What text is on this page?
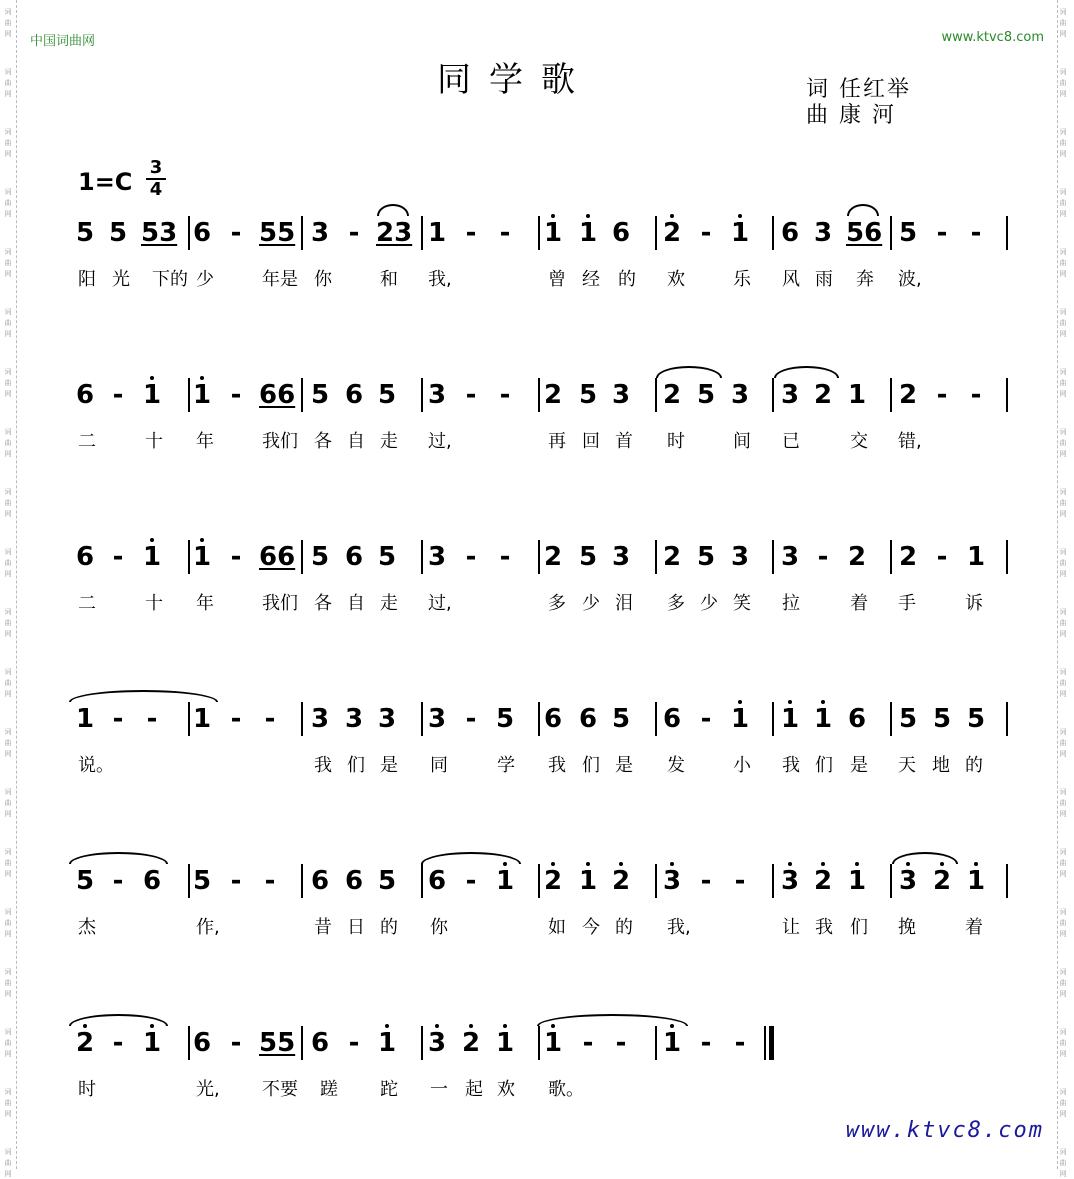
词
曲
网
词
曲
网
词
曲
网
词
曲
网
词
曲
网
词
曲
网
词
曲
网
词
曲
网
词
曲
网
词
曲
网
词
曲
网
词
曲
网
词
曲
网
词
曲
网
词
曲
网
词
曲
网
词
曲
网
词
曲
网
词
曲
网
词
曲
网
词
曲
网
词
曲
网
词
曲
网
词
曲
网
词
曲
网
词
曲
网
词
曲
网
词
曲
网
词
曲
网
词
曲
网
词
曲
网
词
曲
网
词
曲
网
词
曲
网
词
曲
网
词
曲
网
词
曲
网
词
曲
网
词
曲
网
词
曲
网
中国词曲网	www.ktvc8.com
同学歌	词 任红举
曲 康 河
1=C
3
4
5 5 53 6 - 55 3 - 23 1 - - 1 1 6 2 - 1 6 3 56 5 - -
阳 光 下的 少	年是 你	和 我,	曾 经 的 欢	乐 风 雨 奔 波,
6 - 1 1 - 66 5 6 5 3 - - 2 5 3 2 5 3 3 2 1 2 - -
二	十 年	我们 各 自 走 过,	再 回 首 时	间 已	交 错,
6 - 1 1 - 66 5 6 5 3 - - 2 5 3 2 5 3 3 - 2 2 - 1
二	十 年	我们 各 自 走 过,	多 少 泪 多 少 笑 拉	着 手	诉
1 - - 1 - - 3 3 3 3 - 5 6 6 5 6 - 1 1 1 6 5 5 5
说。	我 们 是 同	学 我 们 是 发	小 我 们 是 天 地 的
5 - 6 5 - - 6 6 5 6 - 1 2 1 2 3 - - 3 2 1 3 2 1
杰	作,	昔 日 的 你	如 今 的 我,	让 我 们 挽	着
2 - 1 6 - 55 6 - 1 3 2 1 1 - - 1 - -
时	光, 不要 蹉 跎 一 起 欢 歌。
www.ktvc8.com
